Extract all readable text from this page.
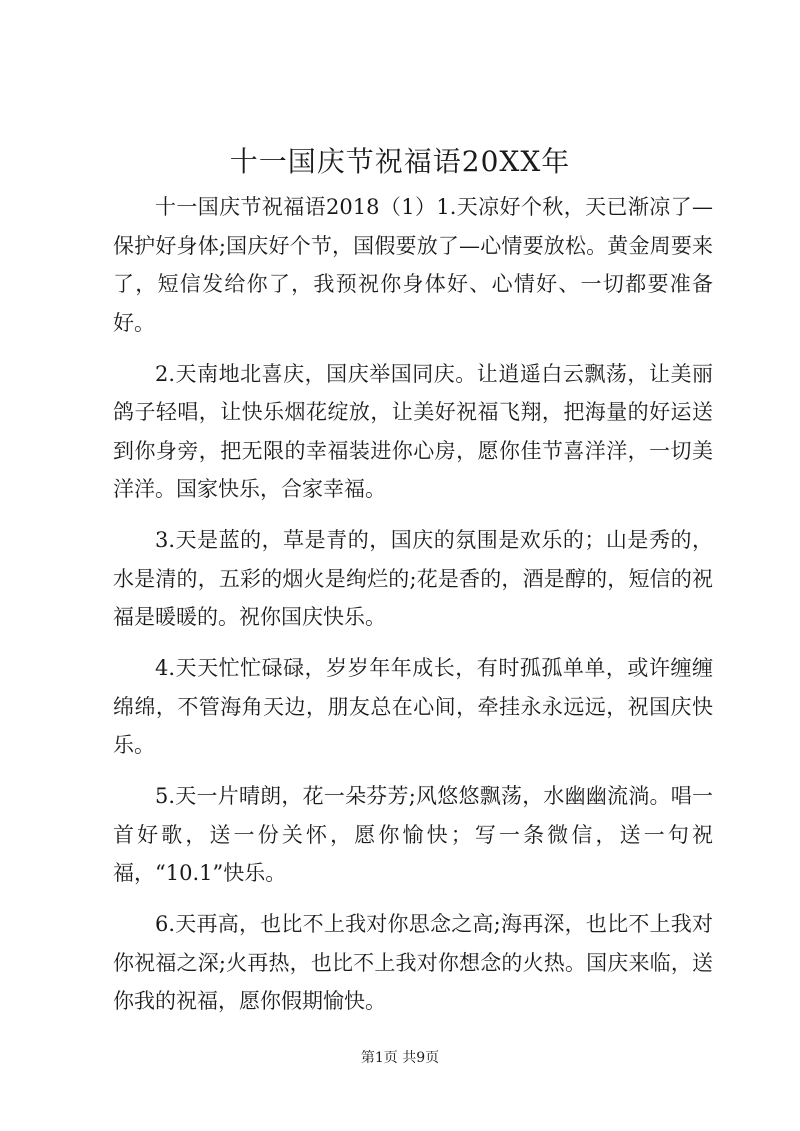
十一国庆节祝福语20XX年

十一国庆节祝福语2018（1）1.天凉好个秋，天已渐凉了—保护好身体;国庆好个节，国假要放了—心情要放松。黄金周要来了，短信发给你了，我预祝你身体好、心情好、一切都要准备好。

2.天南地北喜庆，国庆举国同庆。让逍遥白云飘荡，让美丽鸽子轻唱，让快乐烟花绽放，让美好祝福飞翔，把海量的好运送到你身旁，把无限的幸福装进你心房，愿你佳节喜洋洋，一切美洋洋。国家快乐，合家幸福。

3.天是蓝的，草是青的，国庆的氛围是欢乐的；山是秀的，水是清的，五彩的烟火是绚烂的;花是香的，酒是醇的，短信的祝福是暖暖的。祝你国庆快乐。

4.天天忙忙碌碌，岁岁年年成长，有时孤孤单单，或许缠缠绵绵，不管海角天边，朋友总在心间，牵挂永永远远，祝国庆快乐。

5.天一片晴朗，花一朵芬芳;风悠悠飘荡，水幽幽流淌。唱一首好歌，送一份关怀，愿你愉快；写一条微信，送一句祝福，“10.1”快乐。

6.天再高，也比不上我对你思念之高;海再深，也比不上我对你祝福之深;火再热，也比不上我对你想念的火热。国庆来临，送你我的祝福，愿你假期愉快。

第1页 共9页
